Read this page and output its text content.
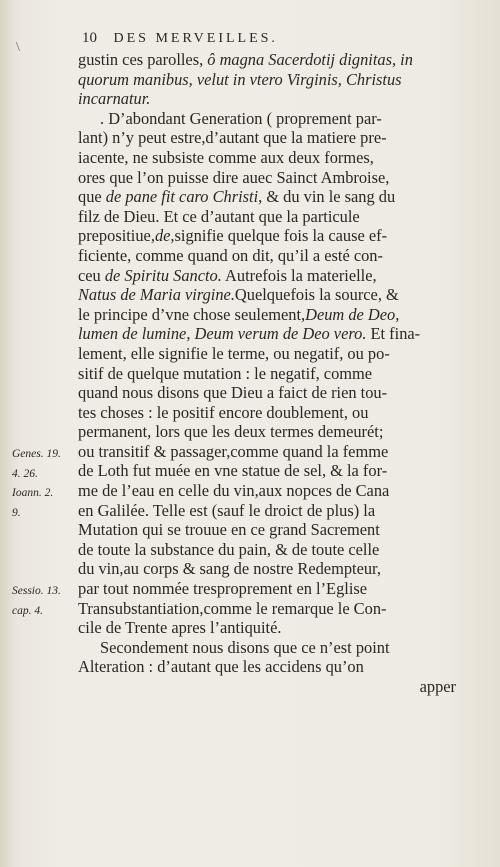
\
10 DES MERVEILLES.
gustin ces parolles, ô magna Sacerdotij dignitas, in
quorum manibus, velut in vtero Virginis, Christus
incarnatur.
. D’abondant Generation ( proprement par-
lant) n’y peut estre,d’autant que la matiere pre-
iacente, ne subsiste comme aux deux formes,
ores que l’on puisse dire auec Sainct Ambroise,
que de pane fit caro Christi, & du vin le sang du
filz de Dieu. Et ce d’autant que la particule
prepositiue,de,signifie quelque fois la cause ef-
ficiente, comme quand on dit, qu’il a esté con-
ceu de Spiritu Sancto. Autrefois la materielle,
Natus de Maria virgine.Quelquefois la source, &
le principe d’vne chose seulement,Deum de Deo,
lumen de lumine, Deum verum de Deo vero. Et fina-
lement, elle signifie le terme, ou negatif, ou po-
sitif de quelque mutation : le negatif, comme
quand nous disons que Dieu a faict de rien tou-
tes choses : le positif encore doublement, ou
permanent, lors que les deux termes demeurét;
ou transitif & passager,comme quand la femme
de Loth fut muée en vne statue de sel, & la for-
me de l’eau en celle du vin,aux nopces de Cana
en Galilée. Telle est (sauf le droict de plus) la
Mutation qui se trouue en ce grand Sacrement
de toute la substance du pain, & de toute celle
du vin,au corps & sang de nostre Redempteur,
par tout nommée tresproprement en l’Eglise
Transubstantiation,comme le remarque le Con-
cile de Trente apres l’antiquité.
Secondement nous disons que ce n’est point
Alteration : d’autant que les accidens qu’on
apper
Genes. 19.
4. 26.
Ioann. 2.
9.
Sessio. 13.
cap. 4.
